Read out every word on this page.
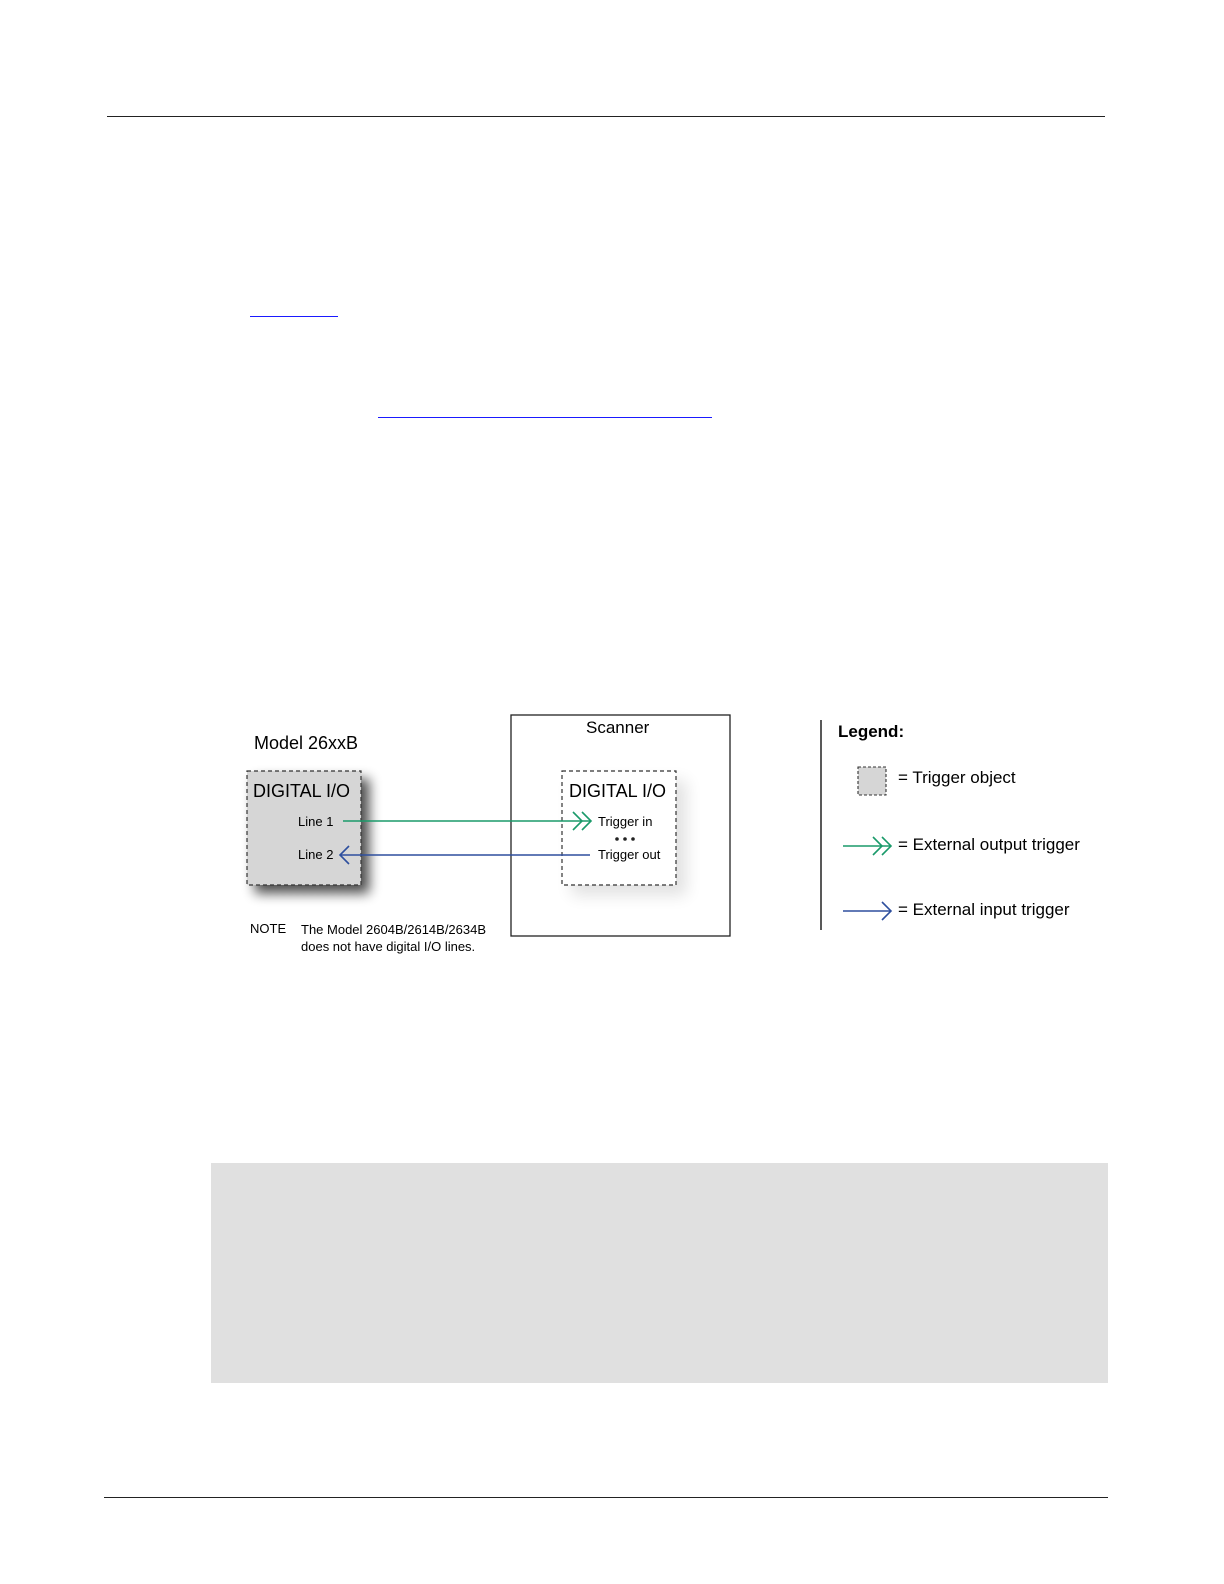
Model 26xxB
Scanner
DIGITAL I/O	DIGITAL I/O
Line 1
Line 2
Trigger in
Trigger out
NOTE The Model 2604B/2614B/2634B does not have digital I/O lines.
Legend:
= Trigger object
= External output trigger
= External input trigger
